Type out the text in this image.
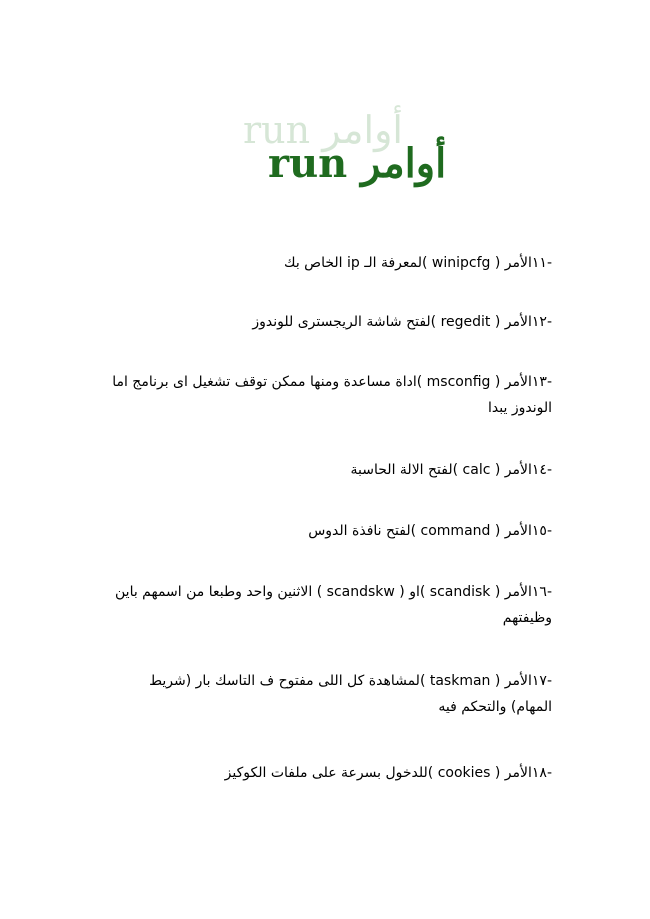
أوامر run
أوامر run
-١١الأمر ( winipcfg )لمعرفة الـ ip الخاص بك
-١٢الأمر ( regedit )لفتح شاشة الريجسترى للوندوز
-١٣الأمر ( msconfig )اداة مساعدة ومنها ممكن توقف تشغيل اى برنامج اما الوندوز يبدا
-١٤الأمر ( calc )لفتح الالة الحاسبة
-١٥الأمر ( command )لفتح نافذة الدوس
-١٦الأمر ( scandisk )او ( scandskw ) الاثنين واحد وطبعا من اسمهم باين وظيفتهم
-١٧الأمر ( taskman )لمشاهدة كل اللى مفتوح ف التاسك بار (شريط المهام) والتحكم فيه
-١٨الأمر ( cookies )للدخول بسرعة على ملفات الكوكيز
